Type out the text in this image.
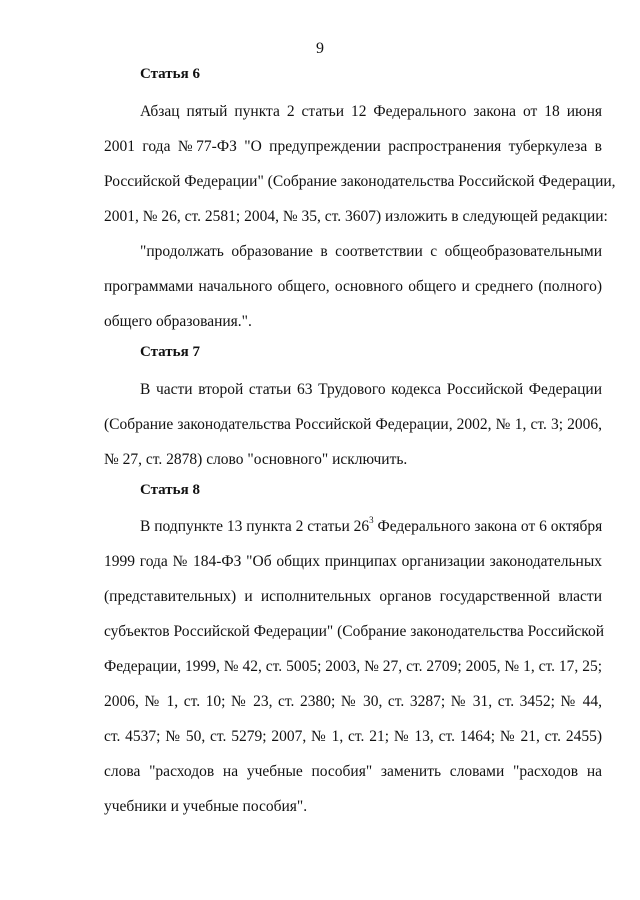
9
Статья 6
Абзац пятый пункта 2 статьи 12 Федерального закона от 18 июня
2001 года №77-ФЗ "О предупреждении распространения туберкулеза в
Российской Федерации" (Собрание законодательства Российской Федерации,
2001, № 26, ст. 2581; 2004, № 35, ст. 3607) изложить в следующей редакции:
"продолжать образование в соответствии с общеобразовательными
программами начального общего, основного общего и среднего (полного)
общего образования.".
Статья 7
В части второй статьи 63 Трудового кодекса Российской Федерации
(Собрание законодательства Российской Федерации, 2002, № 1, ст. 3; 2006,
№ 27, ст. 2878) слово "основного" исключить.
Статья 8
В подпункте 13 пункта 2 статьи $26^3$ Федерального закона от 6 октября
1999 года № 184-ФЗ "Об общих принципах организации законодательных
(представительных) и исполнительных органов государственной власти
субъектов Российской Федерации" (Собрание законодательства Российской
Федерации, 1999, № 42, ст. 5005; 2003, № 27, ст. 2709; 2005, № 1, ст. 17, 25;
2006, № 1, ст. 10; № 23, ст. 2380; № 30, ст. 3287; № 31, ст. 3452; № 44,
ст. 4537; № 50, ст. 5279; 2007, № 1, ст. 21; № 13, ст. 1464; № 21, ст. 2455)
слова "расходов на учебные пособия" заменить словами "расходов на
учебники и учебные пособия".
